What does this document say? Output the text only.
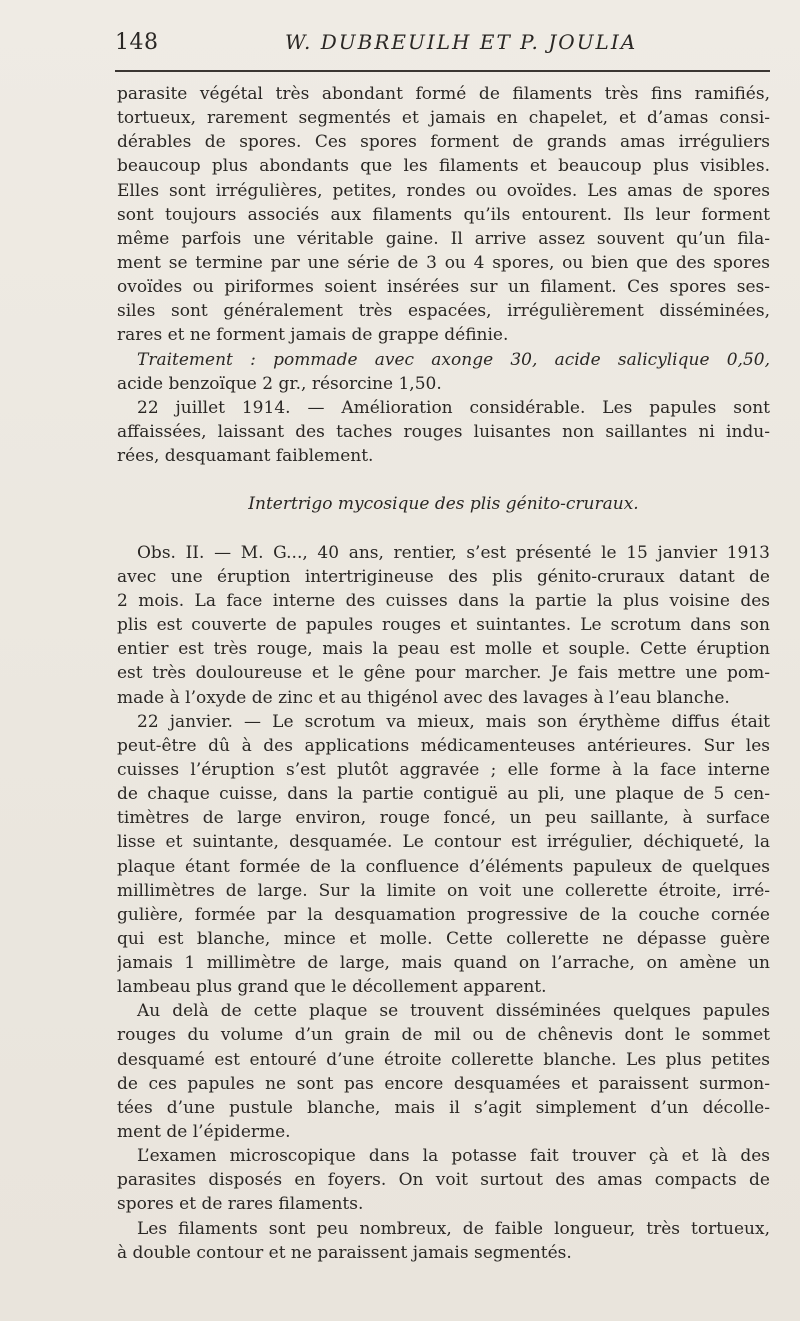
148	W. DUBREUILH ET P. JOULIA
parasite végétal très abondant formé de filaments très fins ramifiés,
tortueux, rarement segmentés et jamais en chapelet, et d’amas consi-
dérables de spores. Ces spores forment de grands amas irréguliers
beaucoup plus abondants que les filaments et beaucoup plus visibles.
Elles sont irrégulières, petites, rondes ou ovoïdes. Les amas de spores
sont toujours associés aux filaments qu’ils entourent. Ils leur forment
même parfois une véritable gaine. Il arrive assez souvent qu’un fila-
ment se termine par une série de 3 ou 4 spores, ou bien que des spores
ovoïdes ou piriformes soient insérées sur un filament. Ces spores ses-
siles sont généralement très espacées, irrégulièrement disséminées,
rares et ne forment jamais de grappe définie.
Traitement : pommade avec axonge 30, acide salicylique 0,50,
acide benzoïque 2 gr., résorcine 1,50.
22 juillet 1914. — Amélioration considérable. Les papules sont
affaissées, laissant des taches rouges luisantes non saillantes ni indu-
rées, desquamant faiblement.
Intertrigo mycosique des plis génito-cruraux.
Obs. II. — M. G..., 40 ans, rentier, s’est présenté le 15 janvier 1913
avec une éruption intertrigineuse des plis génito-cruraux datant de
2 mois. La face interne des cuisses dans la partie la plus voisine des
plis est couverte de papules rouges et suintantes. Le scrotum dans son
entier est très rouge, mais la peau est molle et souple. Cette éruption
est très douloureuse et le gêne pour marcher. Je fais mettre une pom-
made à l’oxyde de zinc et au thigénol avec des lavages à l’eau blanche.
22 janvier. — Le scrotum va mieux, mais son érythème diffus était
peut-être dû à des applications médicamenteuses antérieures. Sur les
cuisses l’éruption s’est plutôt aggravée ; elle forme à la face interne
de chaque cuisse, dans la partie contiguë au pli, une plaque de 5 cen-
timètres de large environ, rouge foncé, un peu saillante, à surface
lisse et suintante, desquamée. Le contour est irrégulier, déchiqueté, la
plaque étant formée de la confluence d’éléments papuleux de quelques
millimètres de large. Sur la limite on voit une collerette étroite, irré-
gulière, formée par la desquamation progressive de la couche cornée
qui est blanche, mince et molle. Cette collerette ne dépasse guère
jamais 1 millimètre de large, mais quand on l’arrache, on amène un
lambeau plus grand que le décollement apparent.
Au delà de cette plaque se trouvent disséminées quelques papules
rouges du volume d’un grain de mil ou de chênevis dont le sommet
desquamé est entouré d’une étroite collerette blanche. Les plus petites
de ces papules ne sont pas encore desquamées et paraissent surmon-
tées d’une pustule blanche, mais il s’agit simplement d’un décolle-
ment de l’épiderme.
L’examen microscopique dans la potasse fait trouver çà et là des
parasites disposés en foyers. On voit surtout des amas compacts de
spores et de rares filaments.
Les filaments sont peu nombreux, de faible longueur, très tortueux,
à double contour et ne paraissent jamais segmentés.
